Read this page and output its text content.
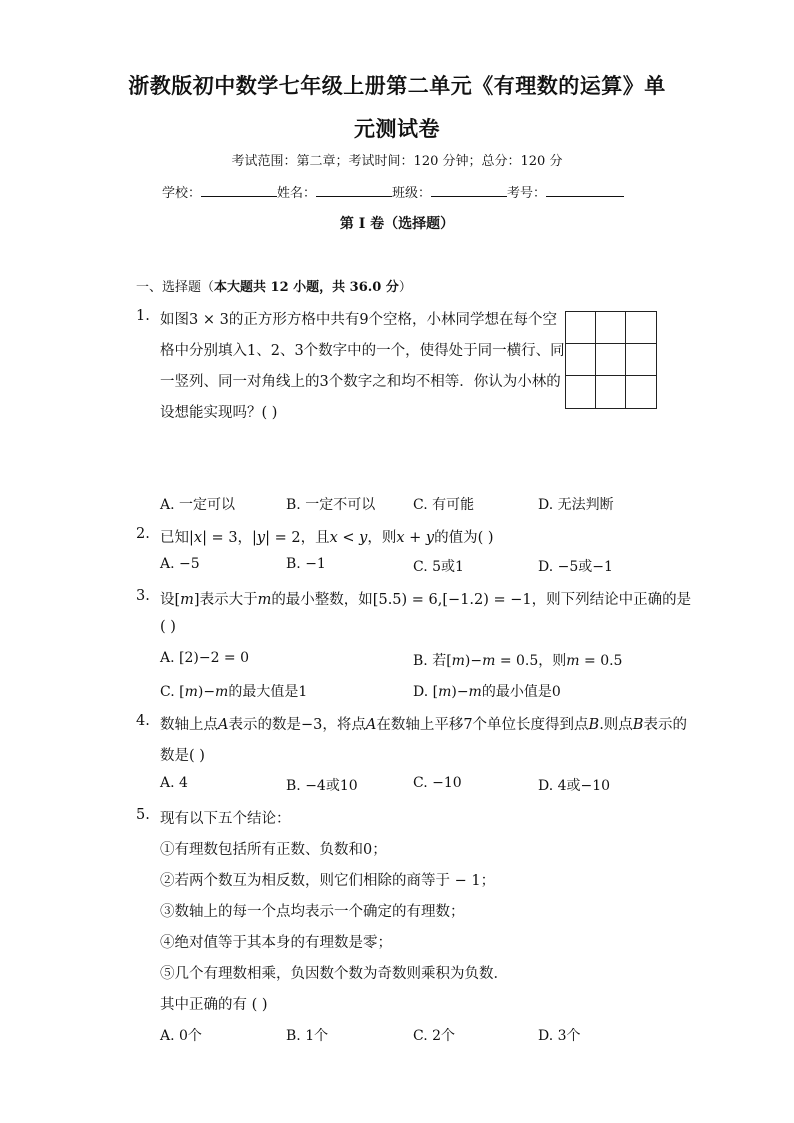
浙教版初中数学七年级上册第二单元《有理数的运算》单
元测试卷
考试范围：第二章；考试时间：120 分钟；总分：120 分
学校：	姓名：	班级：	考号：
第 I 卷（选择题）
一、选择题（本大题共 12 小题，共 36.0 分）
1. 如图3 × 3的正方形方格中共有9个空格，小林同学想在每个空
格中分别填入1、2、3个数字中的一个，使得处于同一横行、同
一竖列、同一对角线上的3个数字之和均不相等．你认为小林的
设想能实现吗？( )
A. 一定可以	B. 一定不可以	C. 有可能	D. 无法判断
2. 已知|𝑥| = 3，|𝑦| = 2，且𝑥 < 𝑦，则𝑥 + 𝑦的值为( )
A. −5	B. −1	C. 5或1	D. −5或−1
3. 设[𝑚]表示大于𝑚的最小整数，如[5.5) = 6,[−1.2) = −1，则下列结论中正确的是
( )
A. [2)−2 = 0	B. 若[𝑚)−𝑚 = 0.5，则𝑚 = 0.5
C. [𝑚)−𝑚的最大值是1	D. [𝑚)−𝑚的最小值是0
4. 数轴上点𝐴表示的数是−3，将点𝐴在数轴上平移7个单位长度得到点𝐵.则点𝐵表示的
数是( )
A. 4	B. −4或10	C. −10	D. 4或−10
5. 现有以下五个结论：
①有理数包括所有正数、负数和0；
②若两个数互为相反数，则它们相除的商等于 − 1；
③数轴上的每一个点均表示一个确定的有理数；
④绝对值等于其本身的有理数是零；
⑤几个有理数相乘，负因数个数为奇数则乘积为负数．
其中正确的有 ( )
A. 0个	B. 1个	C. 2个	D. 3个
